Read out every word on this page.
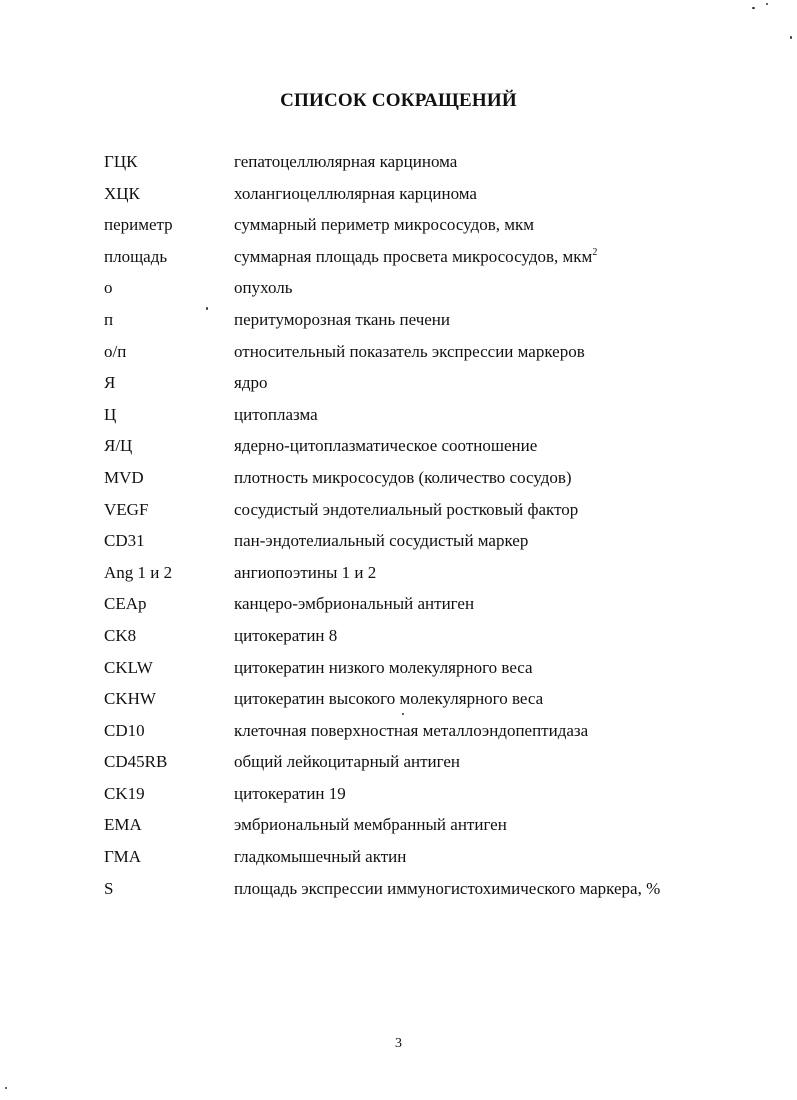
СПИСОК СОКРАЩЕНИЙ
ГЦК	гепатоцеллюлярная карцинома
ХЦК	холангиоцеллюлярная карцинома
периметр	суммарный периметр микрососудов, мкм
площадь	суммарная площадь просвета микрососудов, мкм$^2$
о	опухоль
п	перитуморозная ткань печени
о/п	относительный показатель экспрессии маркеров
Я	ядро
Ц	цитоплазма
Я/Ц	ядерно-цитоплазматическое соотношение
MVD	плотность микрососудов (количество сосудов)
VEGF	сосудистый эндотелиальный ростковый фактор
CD31	пан-эндотелиальный сосудистый маркер
Ang 1 и 2	ангиопоэтины 1 и 2
CEAp	канцеро-эмбриональный антиген
CK8	цитокератин 8
CKLW	цитокератин низкого молекулярного веса
CKHW	цитокератин высокого молекулярного веса
CD10	клеточная поверхностная металлоэндопептидаза
CD45RB	общий лейкоцитарный антиген
CK19	цитокератин 19
EMA	эмбриональный мембранный антиген
ГМА	гладкомышечный актин
S	площадь экспрессии иммуногистохимического маркера, %
3
